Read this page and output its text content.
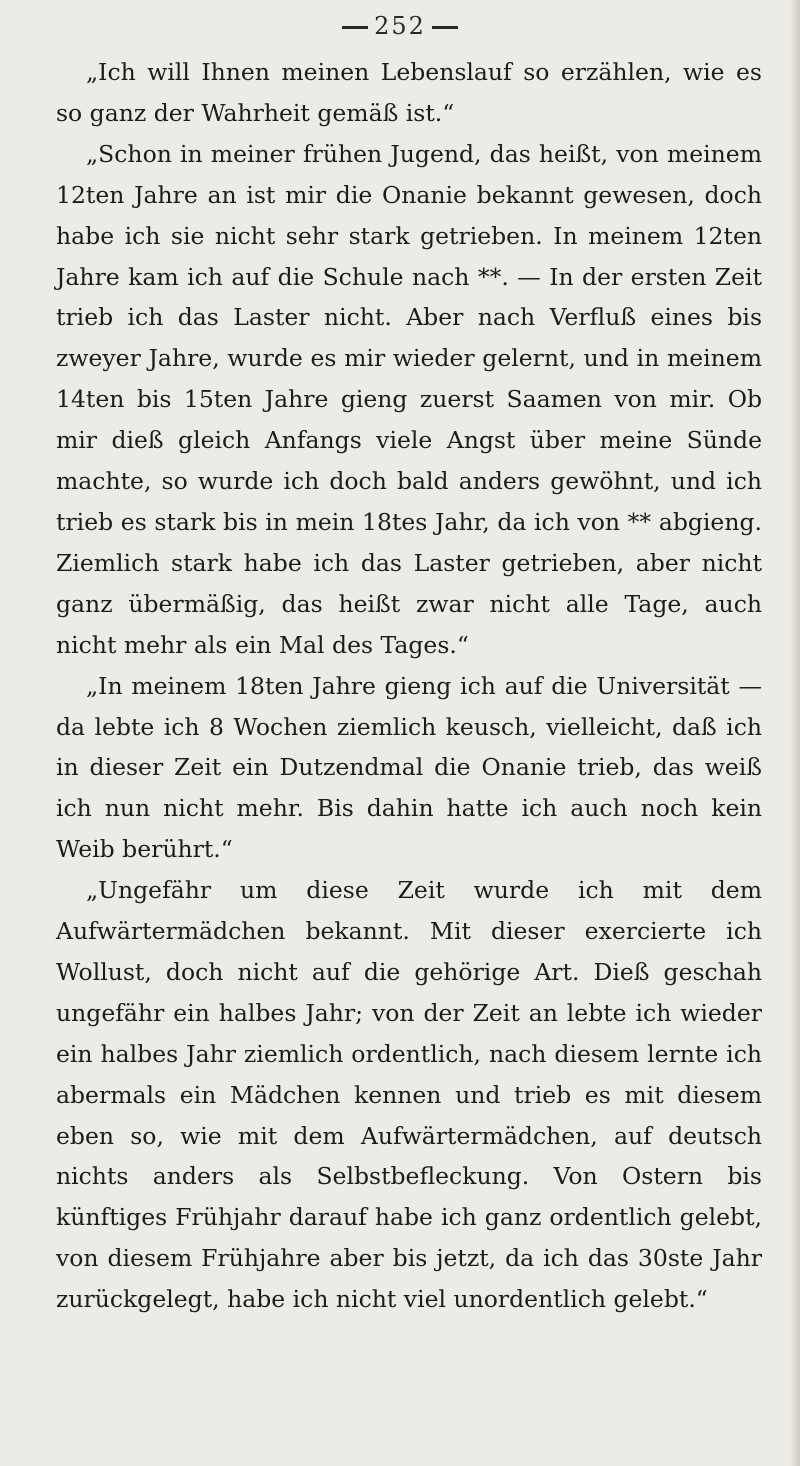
252

„Ich will Ihnen meinen Lebenslauf so erzählen, wie es so ganz der Wahrheit gemäß ist.“

„Schon in meiner frühen Jugend, das heißt, von meinem 12ten Jahre an ist mir die Onanie bekannt gewesen, doch habe ich sie nicht sehr stark getrieben. In meinem 12ten Jahre kam ich auf die Schule nach **. — In der ersten Zeit trieb ich das Laster nicht. Aber nach Verfluß eines bis zweyer Jahre, wurde es mir wieder gelernt, und in meinem 14ten bis 15ten Jahre gieng zuerst Saamen von mir. Ob mir dieß gleich Anfangs viele Angst über meine Sünde machte, so wurde ich doch bald anders gewöhnt, und ich trieb es stark bis in mein 18tes Jahr, da ich von ** abgieng. Ziemlich stark habe ich das Laster getrieben, aber nicht ganz übermäßig, das heißt zwar nicht alle Tage, auch nicht mehr als ein Mal des Tages.“

„In meinem 18ten Jahre gieng ich auf die Universität — da lebte ich 8 Wochen ziemlich keusch, vielleicht, daß ich in dieser Zeit ein Dutzendmal die Onanie trieb, das weiß ich nun nicht mehr. Bis dahin hatte ich auch noch kein Weib berührt.“

„Ungefähr um diese Zeit wurde ich mit dem Aufwärtermädchen bekannt. Mit dieser exercierte ich Wollust, doch nicht auf die gehörige Art. Dieß geschah ungefähr ein halbes Jahr; von der Zeit an lebte ich wieder ein halbes Jahr ziemlich ordentlich, nach diesem lernte ich abermals ein Mädchen kennen und trieb es mit diesem eben so, wie mit dem Aufwärtermädchen, auf deutsch nichts anders als Selbstbefleckung. Von Ostern bis künftiges Frühjahr darauf habe ich ganz ordentlich gelebt, von diesem Frühjahre aber bis jetzt, da ich das 30ste Jahr zurückgelegt, habe ich nicht viel unordentlich gelebt.“
